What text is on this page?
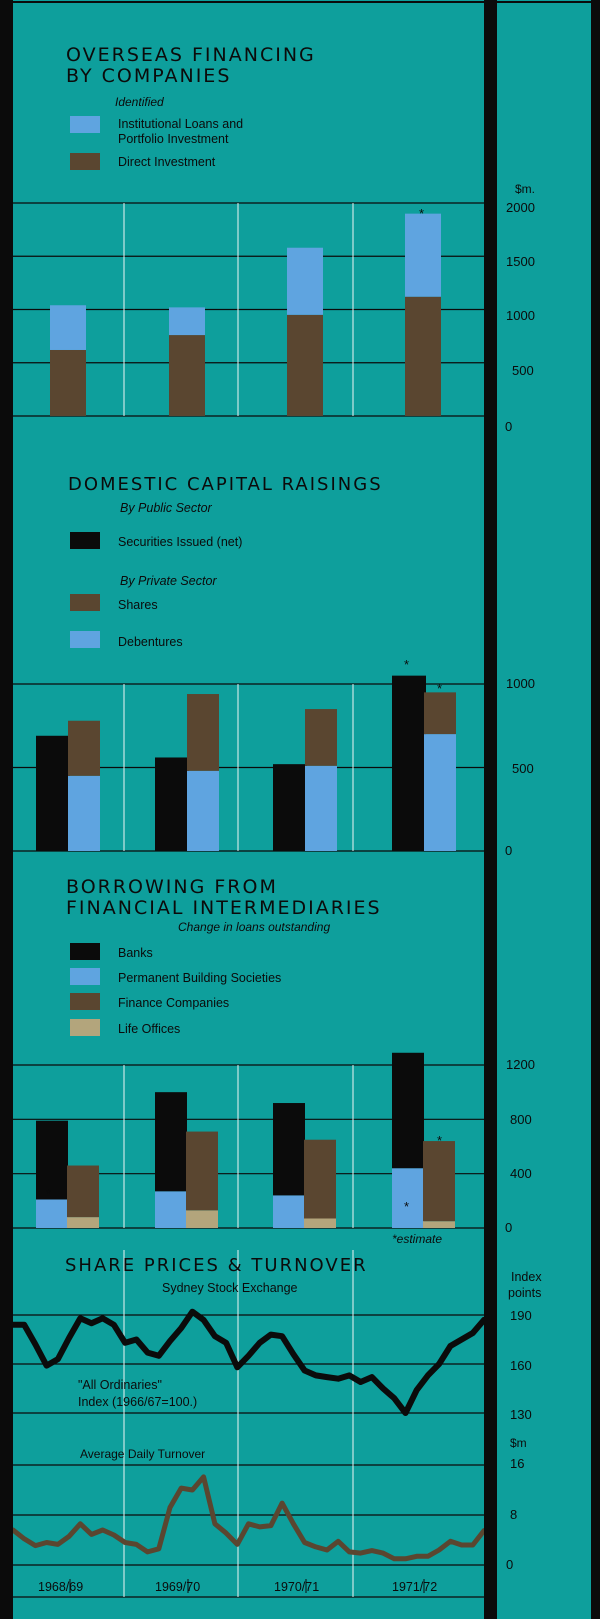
OVERSEAS FINANCING
BY COMPANIES
Identified
Institutional Loans and
Portfolio Investment
Direct Investment
$m.
DOMESTIC CAPITAL RAISINGS
By Public Sector
Securities Issued (net)
By Private Sector
Shares
Debentures
BORROWING FROM
FINANCIAL INTERMEDIARIES
Change in loans outstanding
Banks
Permanent Building Societies
Finance Companies
Life Offices
*estimate
SHARE PRICES & TURNOVER
Sydney Stock Exchange
Index
points
"All Ordinaries"
Index (1966/67=100.)
Average Daily Turnover
$m
2000
1500
1000
500
0
1000
500
0
1200
800
400
0
190
160
130
16
8
0
1968/69	1969/70	1970/71	1971/72
*
*
*
*
*
*
